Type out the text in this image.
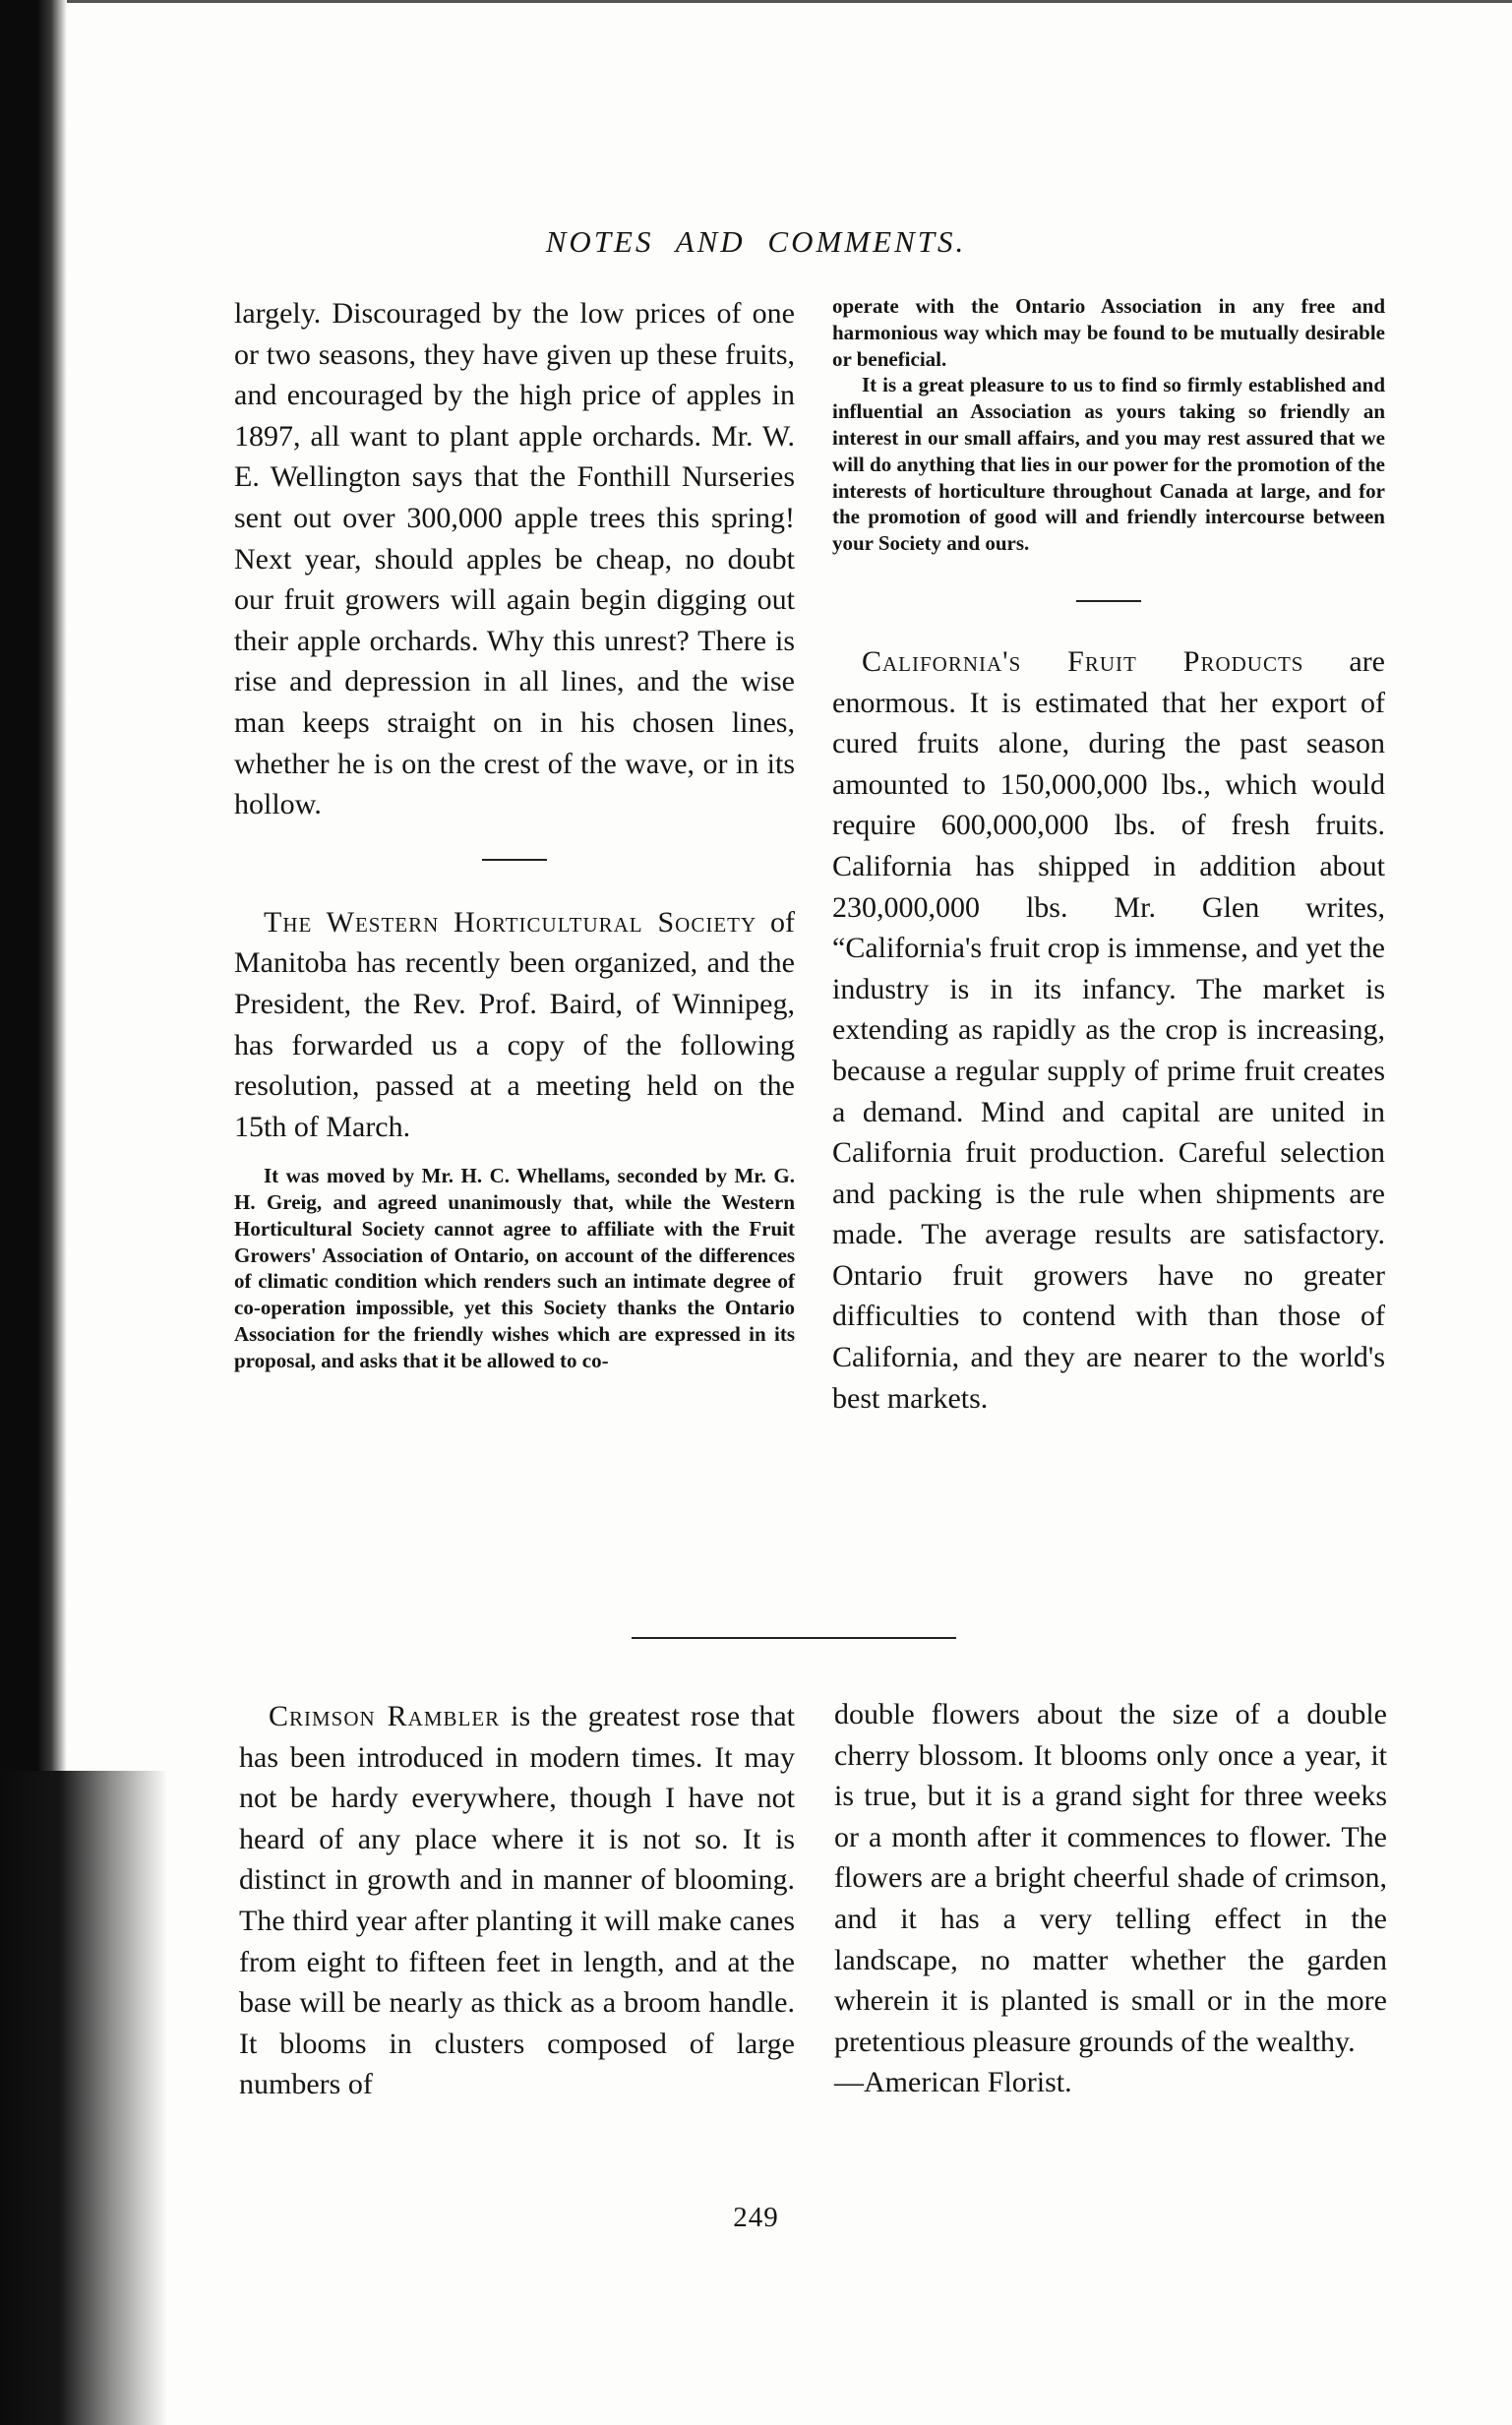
NOTES AND COMMENTS.

largely. Discouraged by the low prices of one or two seasons, they have given up these fruits, and encouraged by the high price of apples in 1897, all want to plant apple orchards. Mr. W. E. Wellington says that the Fonthill Nurseries sent out over 300,000 apple trees this spring! Next year, should apples be cheap, no doubt our fruit growers will again begin digging out their apple orchards. Why this unrest? There is rise and depression in all lines, and the wise man keeps straight on in his chosen lines, whether he is on the crest of the wave, or in its hollow.

The Western Horticultural Society of Manitoba has recently been organized, and the President, the Rev. Prof. Baird, of Winnipeg, has forwarded us a copy of the following resolution, passed at a meeting held on the 15th of March.

It was moved by Mr. H. C. Whellams, seconded by Mr. G. H. Greig, and agreed unanimously that, while the Western Horticultural Society cannot agree to affiliate with the Fruit Growers' Association of Ontario, on account of the differences of climatic condition which renders such an intimate degree of co-operation impossible, yet this Society thanks the Ontario Association for the friendly wishes which are expressed in its proposal, and asks that it be allowed to co-

operate with the Ontario Association in any free and harmonious way which may be found to be mutually desirable or beneficial.

It is a great pleasure to us to find so firmly established and influential an Association as yours taking so friendly an interest in our small affairs, and you may rest assured that we will do anything that lies in our power for the promotion of the interests of horticulture throughout Canada at large, and for the promotion of good will and friendly intercourse between your Society and ours.

California's Fruit Products are enormous. It is estimated that her export of cured fruits alone, during the past season amounted to 150,000,000 lbs., which would require 600,000,000 lbs. of fresh fruits. California has shipped in addition about 230,000,000 lbs. Mr. Glen writes, “California's fruit crop is immense, and yet the industry is in its infancy. The market is extending as rapidly as the crop is increasing, because a regular supply of prime fruit creates a demand. Mind and capital are united in California fruit production. Careful selection and packing is the rule when shipments are made. The average results are satisfactory. Ontario fruit growers have no greater difficulties to contend with than those of California, and they are nearer to the world's best markets.

Crimson Rambler is the greatest rose that has been introduced in modern times. It may not be hardy everywhere, though I have not heard of any place where it is not so. It is distinct in growth and in manner of blooming. The third year after planting it will make canes from eight to fifteen feet in length, and at the base will be nearly as thick as a broom handle. It blooms in clusters composed of large numbers of

double flowers about the size of a double cherry blossom. It blooms only once a year, it is true, but it is a grand sight for three weeks or a month after it commences to flower. The flowers are a bright cheerful shade of crimson, and it has a very telling effect in the landscape, no matter whether the garden wherein it is planted is small or in the more pretentious pleasure grounds of the wealthy.

—American Florist.

249
